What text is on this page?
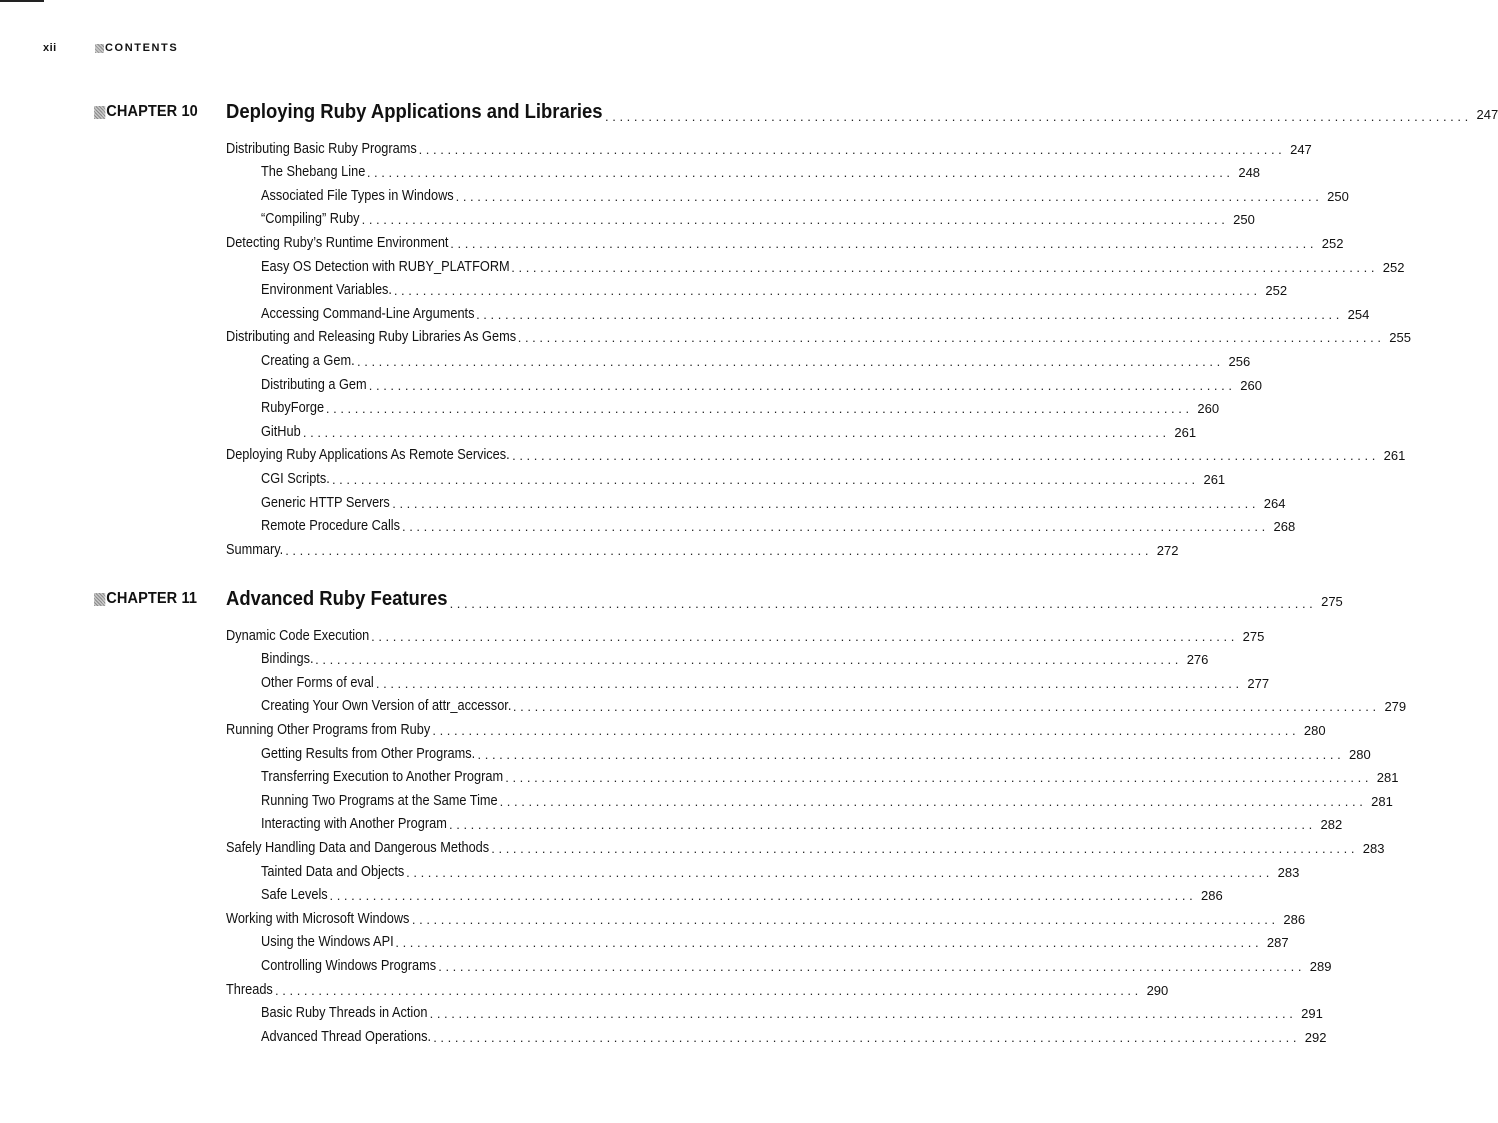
xii	CONTENTS
CHAPTER 10 Deploying Ruby Applications and Libraries . . .	247
Distributing Basic Ruby Programs . . .	247
The Shebang Line . . .	248
Associated File Types in Windows . . .	250
“Compiling” Ruby . . .	250
Detecting Ruby’s Runtime Environment . . .	252
Easy OS Detection with RUBY_PLATFORM . . .	252
Environment Variables. . . .	252
Accessing Command-Line Arguments . . .	254
Distributing and Releasing Ruby Libraries As Gems . . .	255
Creating a Gem. . . .	256
Distributing a Gem . . .	260
RubyForge . . .	260
GitHub . . .	261
Deploying Ruby Applications As Remote Services. . . .	261
CGI Scripts. . . .	261
Generic HTTP Servers . . .	264
Remote Procedure Calls . . .	268
Summary. . . .	272
CHAPTER 11 Advanced Ruby Features . . .	275
Dynamic Code Execution . . .	275
Bindings. . . .	276
Other Forms of eval . . .	277
Creating Your Own Version of attr_accessor. . . .	279
Running Other Programs from Ruby . . .	280
Getting Results from Other Programs. . . .	280
Transferring Execution to Another Program . . .	281
Running Two Programs at the Same Time . . .	281
Interacting with Another Program . . .	282
Safely Handling Data and Dangerous Methods . . .	283
Tainted Data and Objects . . .	283
Safe Levels . . .	286
Working with Microsoft Windows . . .	286
Using the Windows API . . .	287
Controlling Windows Programs . . .	289
Threads . . .	290
Basic Ruby Threads in Action . . .	291
Advanced Thread Operations. . . .	292
